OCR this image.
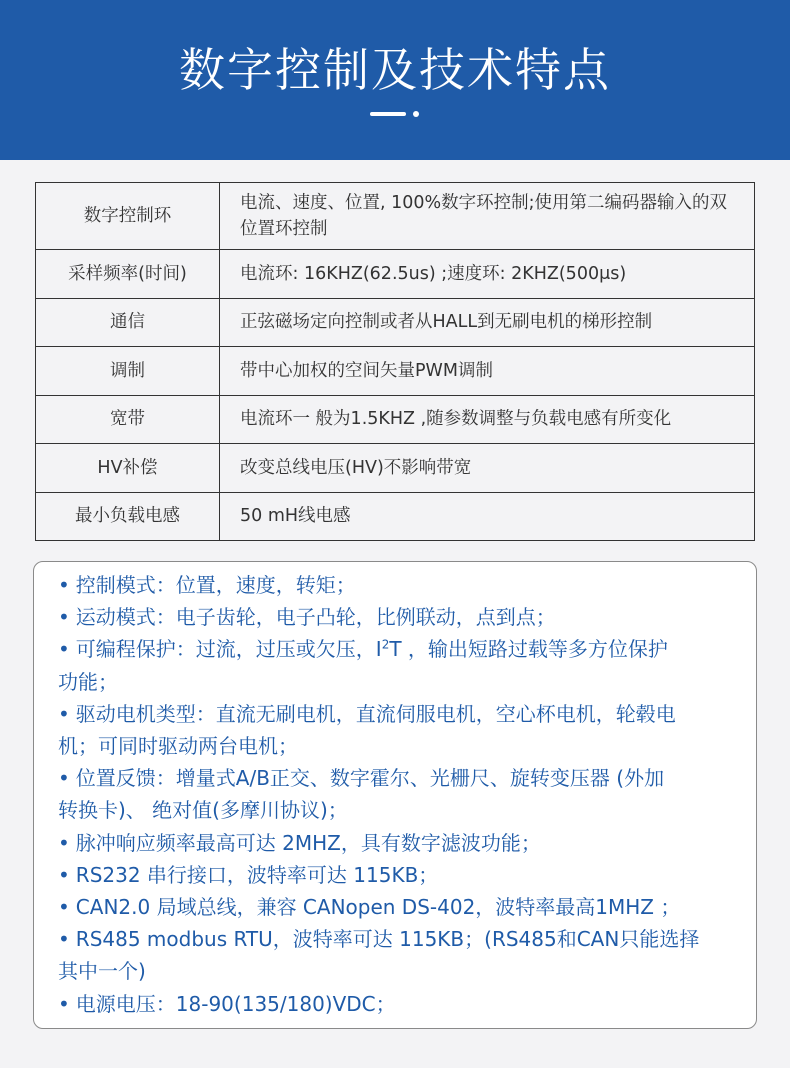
数字控制及技术特点
数字控制环	电流、速度、位置, 100%数字环控制;使用第二编码器输入的双位置环控制
采样频率(时间)	电流环: 16KHZ(62.5us) ;速度环: 2KHZ(500μs)
通信	正弦磁场定向控制或者从HALL到无刷电机的梯形控制
调制	带中心加权的空间矢量PWM调制
宽带	电流环一 般为1.5KHZ ,随参数调整与负载电感有所变化
HV补偿	改变总线电压(HV)不影响带宽
最小负载电感	50 mH线电感
• 控制模式：位置，速度，转矩；
• 运动模式：电子齿轮，电子凸轮，比例联动，点到点；
• 可编程保护：过流，过压或欠压，$I^2T$ ，输出短路过载等多方位保护
功能；
• 驱动电机类型：直流无刷电机，直流伺服电机，空心杯电机，轮毂电
机；可同时驱动两台电机；
• 位置反馈：增量式A/B正交、数字霍尔、光栅尺、旋转变压器 (外加
转换卡)、 绝对值(多摩川协议)；
• 脉冲响应频率最高可达 2MHZ，具有数字滤波功能；
• RS232 串行接口，波特率可达 115KB；
• CAN2.0 局域总线，兼容 CANopen DS-402，波特率最高1MHZ ；
• RS485 modbus RTU，波特率可达 115KB；(RS485和CAN只能选择
其中一个)
• 电源电压：18-90(135/180)VDC；
